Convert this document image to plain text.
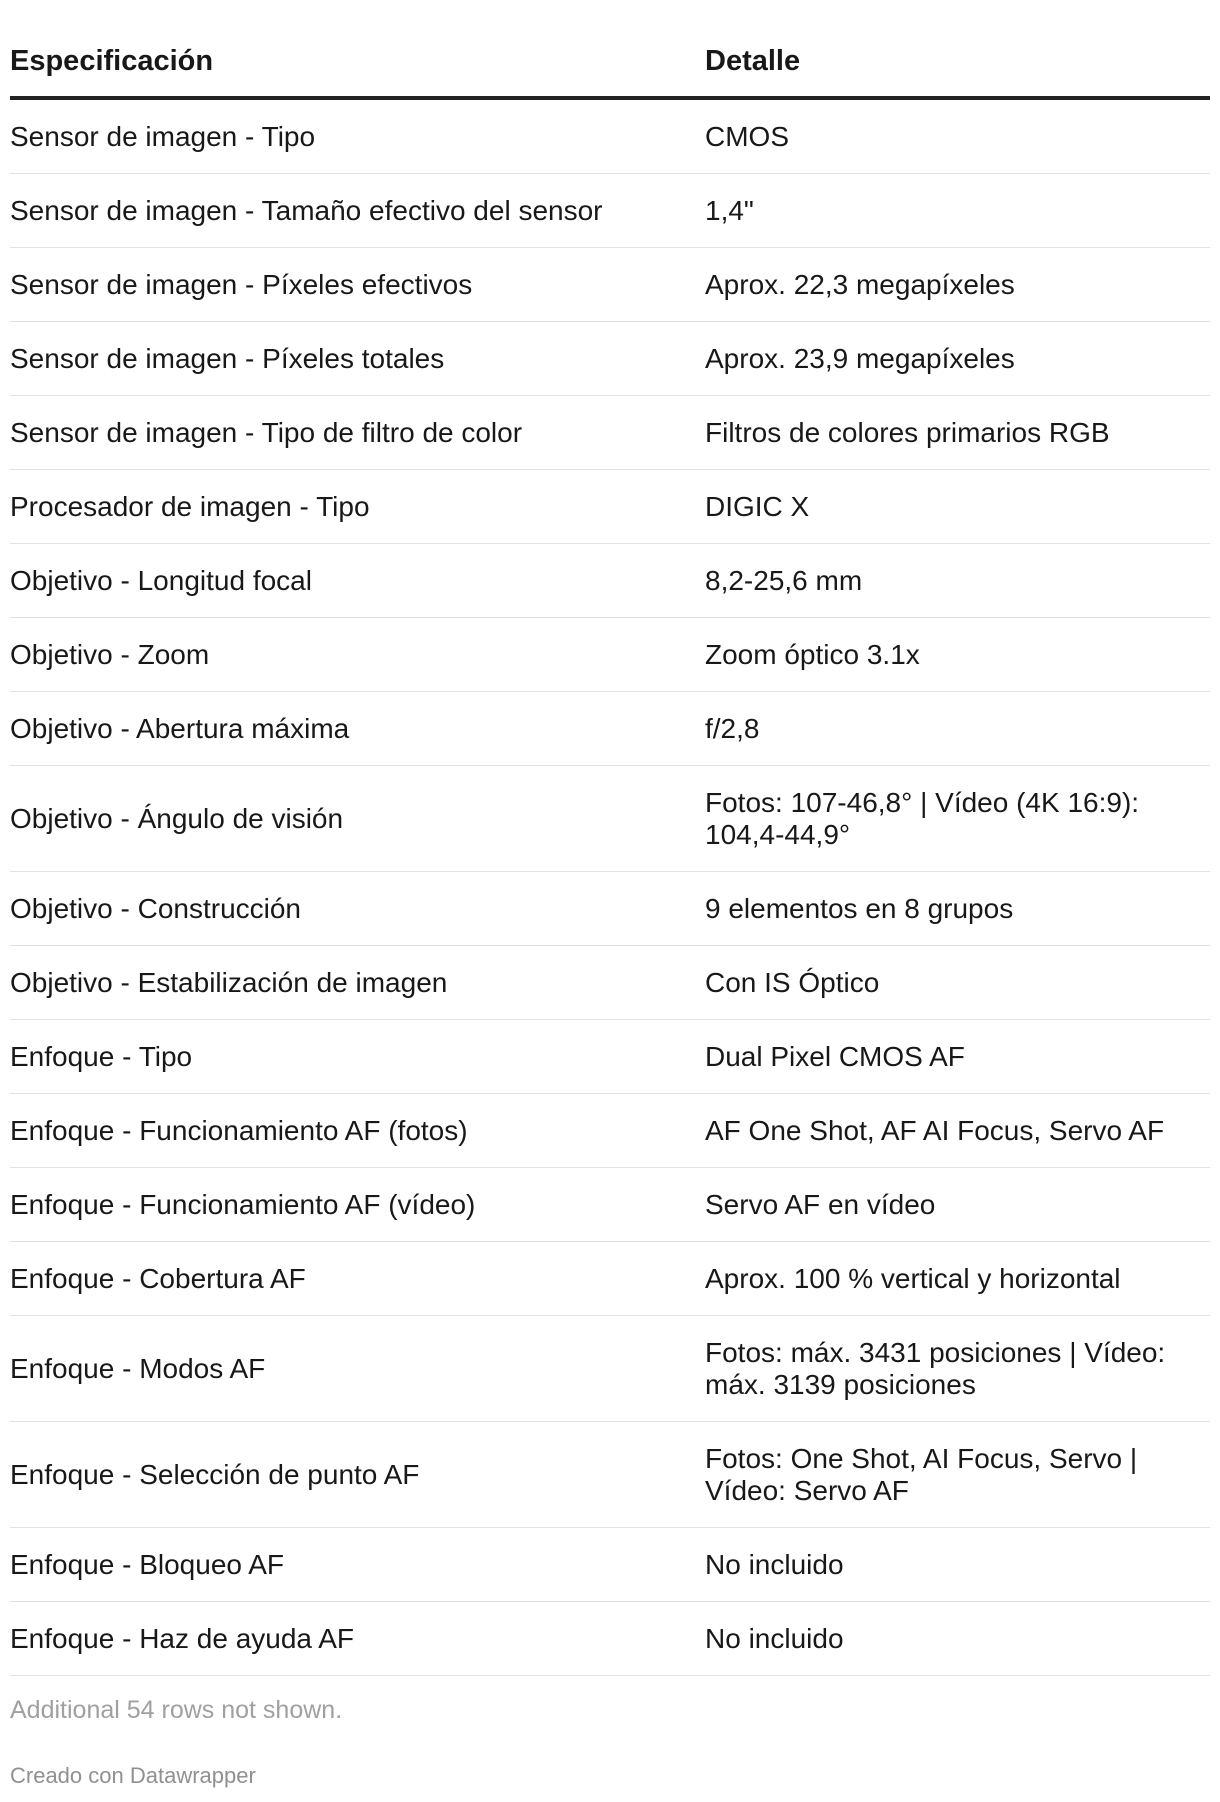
Especificación	Detalle
Sensor de imagen - Tipo	CMOS
Sensor de imagen - Tamaño efectivo del sensor	1,4"
Sensor de imagen - Píxeles efectivos	Aprox. 22,3 megapíxeles
Sensor de imagen - Píxeles totales	Aprox. 23,9 megapíxeles
Sensor de imagen - Tipo de filtro de color	Filtros de colores primarios RGB
Procesador de imagen - Tipo	DIGIC X
Objetivo - Longitud focal	8,2-25,6 mm
Objetivo - Zoom	Zoom óptico 3.1x
Objetivo - Abertura máxima	f/2,8
Objetivo - Ángulo de visión	Fotos: 107-46,8° | Vídeo (4K 16:9): 104,4-44,9°
Objetivo - Construcción	9 elementos en 8 grupos
Objetivo - Estabilización de imagen	Con IS Óptico
Enfoque - Tipo	Dual Pixel CMOS AF
Enfoque - Funcionamiento AF (fotos)	AF One Shot, AF AI Focus, Servo AF
Enfoque - Funcionamiento AF (vídeo)	Servo AF en vídeo
Enfoque - Cobertura AF	Aprox. 100 % vertical y horizontal
Enfoque - Modos AF	Fotos: máx. 3431 posiciones | Vídeo: máx. 3139 posiciones
Enfoque - Selección de punto AF	Fotos: One Shot, AI Focus, Servo | Vídeo: Servo AF
Enfoque - Bloqueo AF	No incluido
Enfoque - Haz de ayuda AF	No incluido
Additional 54 rows not shown.
Creado con Datawrapper
